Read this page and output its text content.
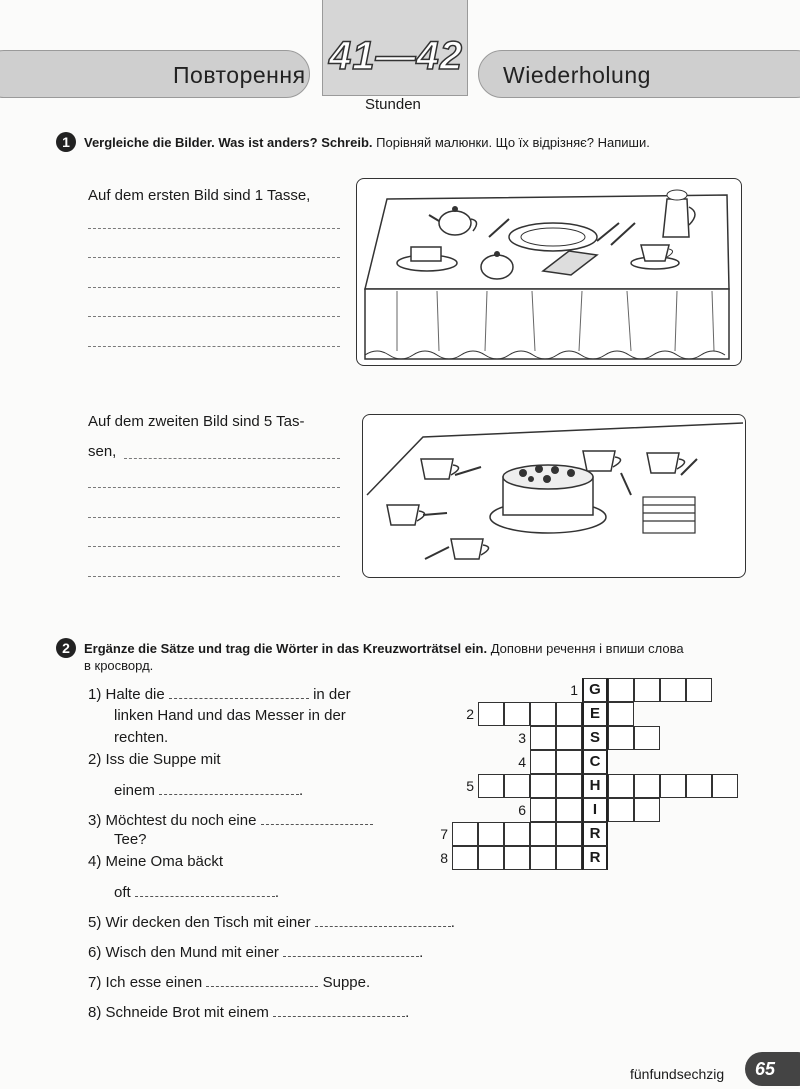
Повторення	Wiederholung
41—42
Stunden
1	Vergleiche die Bilder. Was ist anders? Schreib. Порівняй малюнки. Що їх відрізняє? Напиши.
Auf dem ersten Bild sind 1 Tasse,
Auf dem zweiten Bild sind 5 Tas-
sen,
2	Ergänze die Sätze und trag die Wörter in das Kreuzworträtsel ein. Доповни речення і впиши слова
в кросворд.
1) Halte die	in der
linken Hand und das Messer in der
rechten.
2) Iss die Suppe mit
einem	.
3) Möchtest du noch eine
Tee?
4) Meine Oma bäckt
oft	.
5) Wir decken den Tisch mit einer	.
6) Wisch den Mund mit einer	.
7) Ich esse einen	Suppe.
8) Schneide Brot mit einem	.
1 G
2	E
3	S
4	C
5	H
6	I
7	R
8	R
fünfundsechzig	65
